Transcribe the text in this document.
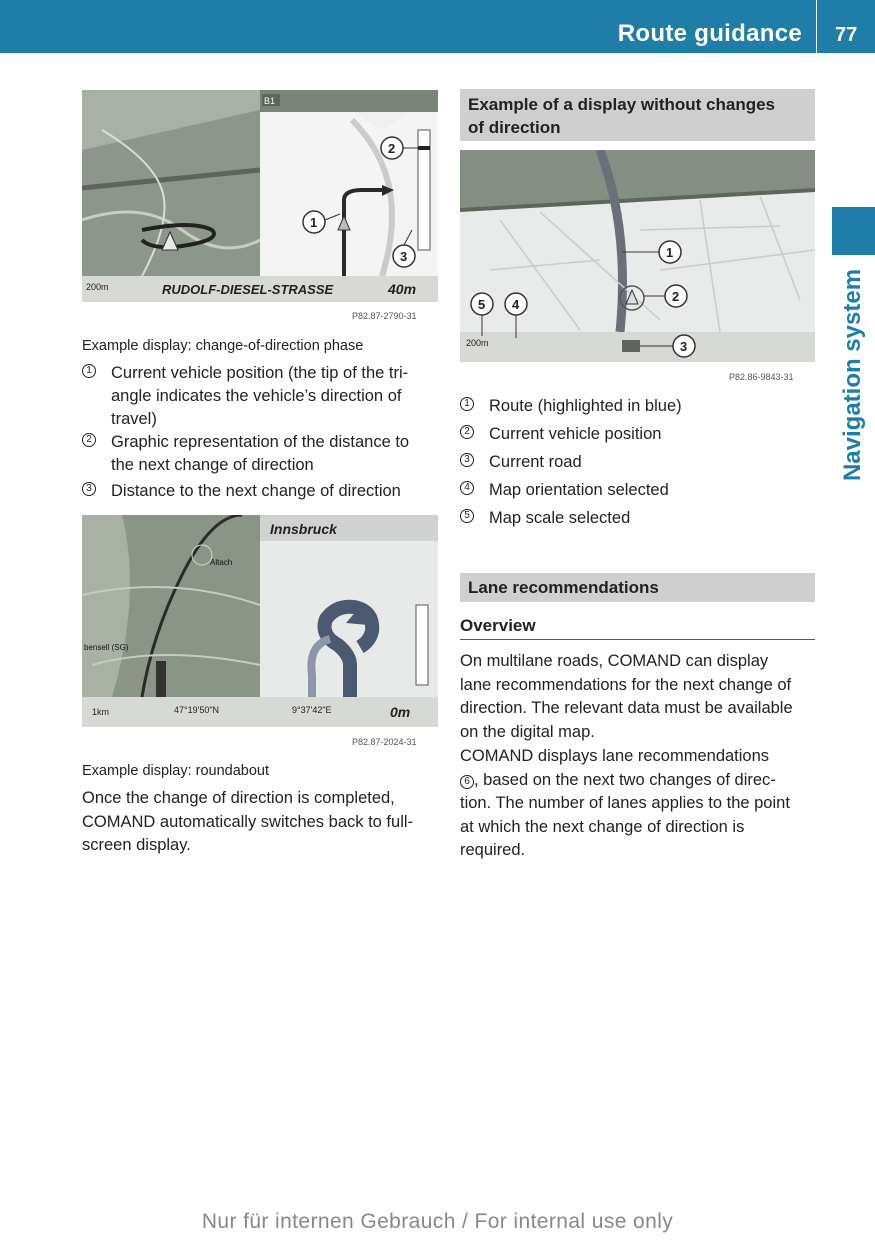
Route guidance 77
Navigation system
B1
1
2
3
200m	RUDOLF-DIESEL-STRASSE	40m
P82.87-2790-31
Example display: change-of-direction phase
1 Current vehicle position (the tip of the tri-
angle indicates the vehicle’s direction of
travel)
2 Graphic representation of the distance to
the next change of direction
3 Distance to the next change of direction
Altach
bensell (SG)
Innsbruck
1km	47°19'50"N	9°37'42"E	0m
P82.87-2024-31
Example display: roundabout
Once the change of direction is completed,
COMAND automatically switches back to full-
screen display.
Example of a display without changes
of direction
200m
1
2
3
4
5
P82.86-9843-31
1 Route (highlighted in blue)
2 Current vehicle position
3 Current road
4 Map orientation selected
5 Map scale selected
Lane recommendations
Overview
On multilane roads, COMAND can display
lane recommendations for the next change of
direction. The relevant data must be available
on the digital map.
COMAND displays lane recommendations
6 , based on the next two changes of direc-
tion. The number of lanes applies to the point
at which the next change of direction is
required.
Nur für internen Gebrauch / For internal use only
